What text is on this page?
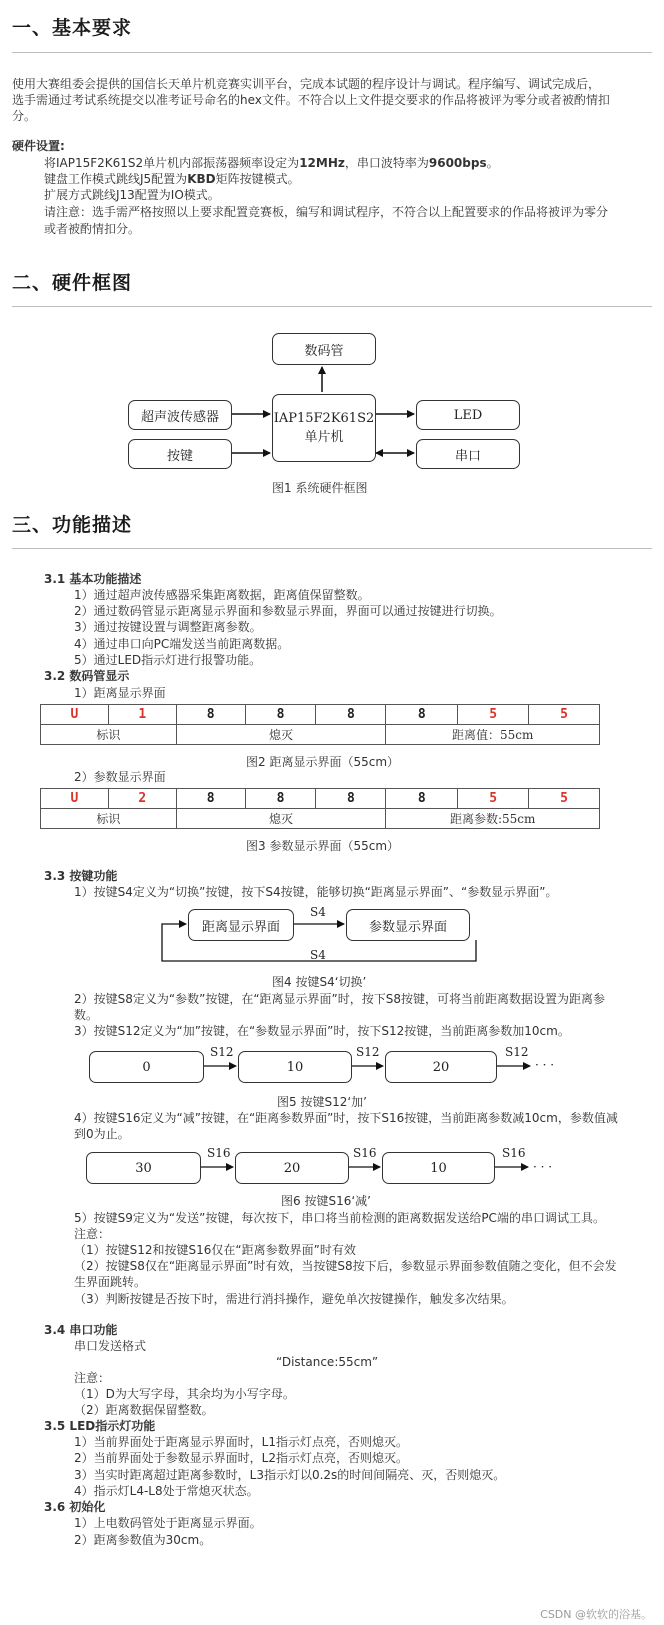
一、基本要求
使用大赛组委会提供的国信长天单片机竞赛实训平台，完成本试题的程序设计与调试。程序编写、调试完成后，
选手需通过考试系统提交以准考证号命名的hex文件。不符合以上文件提交要求的作品将被评为零分或者被酌情扣
分。
硬件设置:
将IAP15F2K61S2单片机内部振荡器频率设定为12MHz，串口波特率为9600bps。
键盘工作模式跳线J5配置为KBD矩阵按键模式。
扩展方式跳线J13配置为IO模式。
请注意：选手需严格按照以上要求配置竞赛板，编写和调试程序，不符合以上配置要求的作品将被评为零分
或者被酌情扣分。
二、硬件框图
数码管
超声波传感器
按键
IAP15F2K61S2
单片机
LED
串口
图1 系统硬件框图
三、功能描述
3.1 基本功能描述
1）通过超声波传感器采集距离数据，距离值保留整数。
2）通过数码管显示距离显示界面和参数显示界面，界面可以通过按键进行切换。
3）通过按键设置与调整距离参数。
4）通过串口向PC端发送当前距离数据。
5）通过LED指示灯进行报警功能。
3.2 数码管显示
1）距离显示界面
U	1	8	8	8	8	5	5
标识		熄灭			距离值：55cm		
图2 距离显示界面（55cm）
2）参数显示界面
U	2	8	8	8	8	5	5
标识		熄灭			距离参数:55cm		
图3 参数显示界面（55cm）
3.3 按键功能
1）按键S4定义为“切换”按键，按下S4按键，能够切换“距离显示界面”、“参数显示界面”。
距离显示界面	参数显示界面
S4
S4
图4 按键S4‘切换’
2）按键S8定义为“参数”按键，在“距离显示界面”时，按下S8按键，可将当前距离数据设置为距离参
数。
3）按键S12定义为“加”按键，在“参数显示界面”时，按下S12按键，当前距离参数加10cm。
0	10	20
S12	S12	S12
· · ·
图5 按键S12‘加’
4）按键S16定义为“减”按键，在“距离参数界面”时，按下S16按键，当前距离参数减10cm，参数值减
到0为止。
30	20	10
S16	S16	S16
· · ·
图6 按键S16‘减’
5）按键S9定义为“发送”按键，每次按下，串口将当前检测的距离数据发送给PC端的串口调试工具。
注意：
（1）按键S12和按键S16仅在“距离参数界面”时有效
（2）按键S8仅在“距离显示界面”时有效，当按键S8按下后，参数显示界面参数值随之变化，但不会发
生界面跳转。
（3）判断按键是否按下时，需进行消抖操作，避免单次按键操作，触发多次结果。
3.4 串口功能
串口发送格式
“Distance:55cm”
注意：
（1）D为大写字母，其余均为小写字母。
（2）距离数据保留整数。
3.5 LED指示灯功能
1）当前界面处于距离显示界面时，L1指示灯点亮，否则熄灭。
2）当前界面处于参数显示界面时，L2指示灯点亮，否则熄灭。
3）当实时距离超过距离参数时，L3指示灯以0.2s的时间间隔亮、灭，否则熄灭。
4）指示灯L4-L8处于常熄灭状态。
3.6 初始化
1）上电数码管处于距离显示界面。
2）距离参数值为30cm。
CSDN @软软的浴基。
